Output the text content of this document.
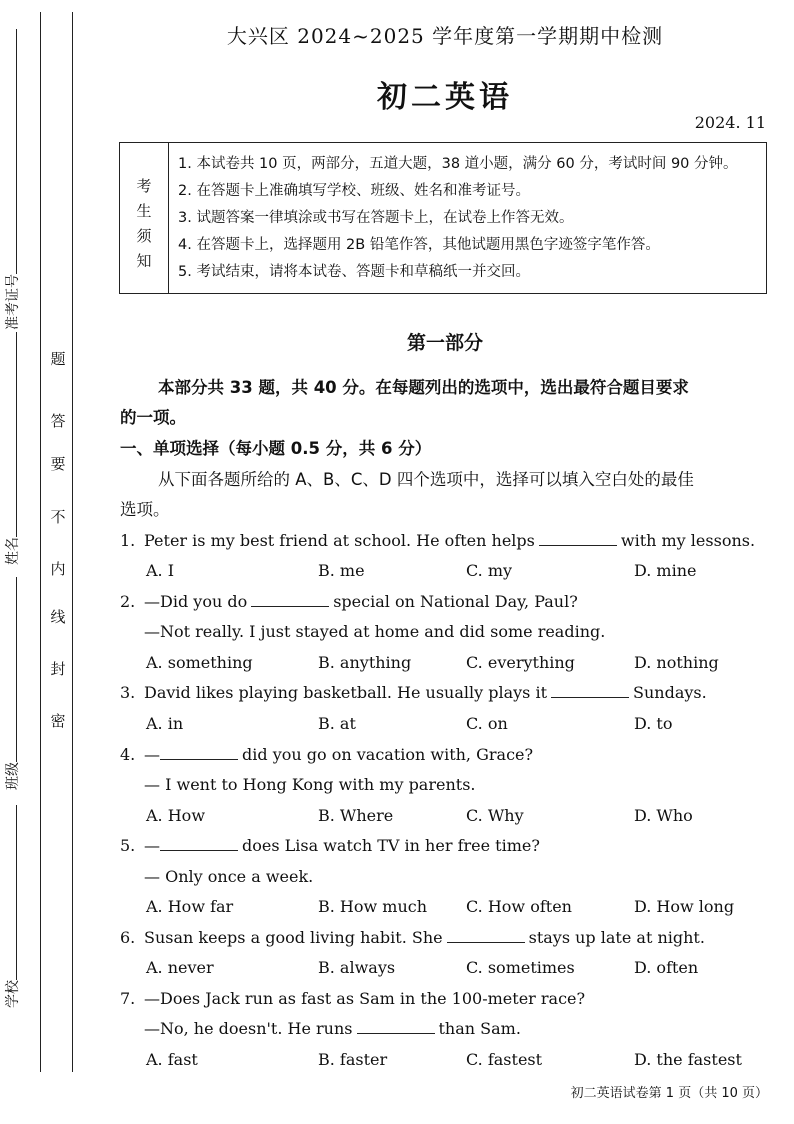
题
答
要
不
内
线
封
密
准考证号
姓名
班级
学校
大兴区 2024~2025 学年度第一学期期中检测
初二英语
2024. 11
考
生
须
知
1. 本试卷共 10 页，两部分，五道大题，38 道小题，满分 60 分，考试时间 90 分钟。
2. 在答题卡上准确填写学校、班级、姓名和准考证号。
3. 试题答案一律填涂或书写在答题卡上，在试卷上作答无效。
4. 在答题卡上，选择题用 2B 铅笔作答，其他试题用黑色字迹签字笔作答。
5. 考试结束，请将本试卷、答题卡和草稿纸一并交回。
第一部分
本部分共 33 题，共 40 分。在每题列出的选项中，选出最符合题目要求
的一项。
一、单项选择（每小题 0.5 分，共 6 分）
从下面各题所给的 A、B、C、D 四个选项中，选择可以填入空白处的最佳
选项。
1. Peter is my best friend at school. He often helps	with my lessons.
A. I	B. me	C. my	D. mine
2. —Did you do	special on National Day, Paul?
—Not really. I just stayed at home and did some reading.
A. something	B. anything	C. everything	D. nothing
3. David likes playing basketball. He usually plays it	Sundays.
A. in	B. at	C. on	D. to
4. —	did you go on vacation with, Grace?
— I went to Hong Kong with my parents.
A. How	B. Where	C. Why	D. Who
5. —	does Lisa watch TV in her free time?
— Only once a week.
A. How far	B. How much C. How often	D. How long
6. Susan keeps a good living habit. She	stays up late at night.
A. never	B. always	C. sometimes	D. often
7. —Does Jack run as fast as Sam in the 100-meter race?
—No, he doesn't. He runs	than Sam.
A. fast	B. faster	C. fastest	D. the fastest
初二英语试卷第 1 页（共 10 页）
